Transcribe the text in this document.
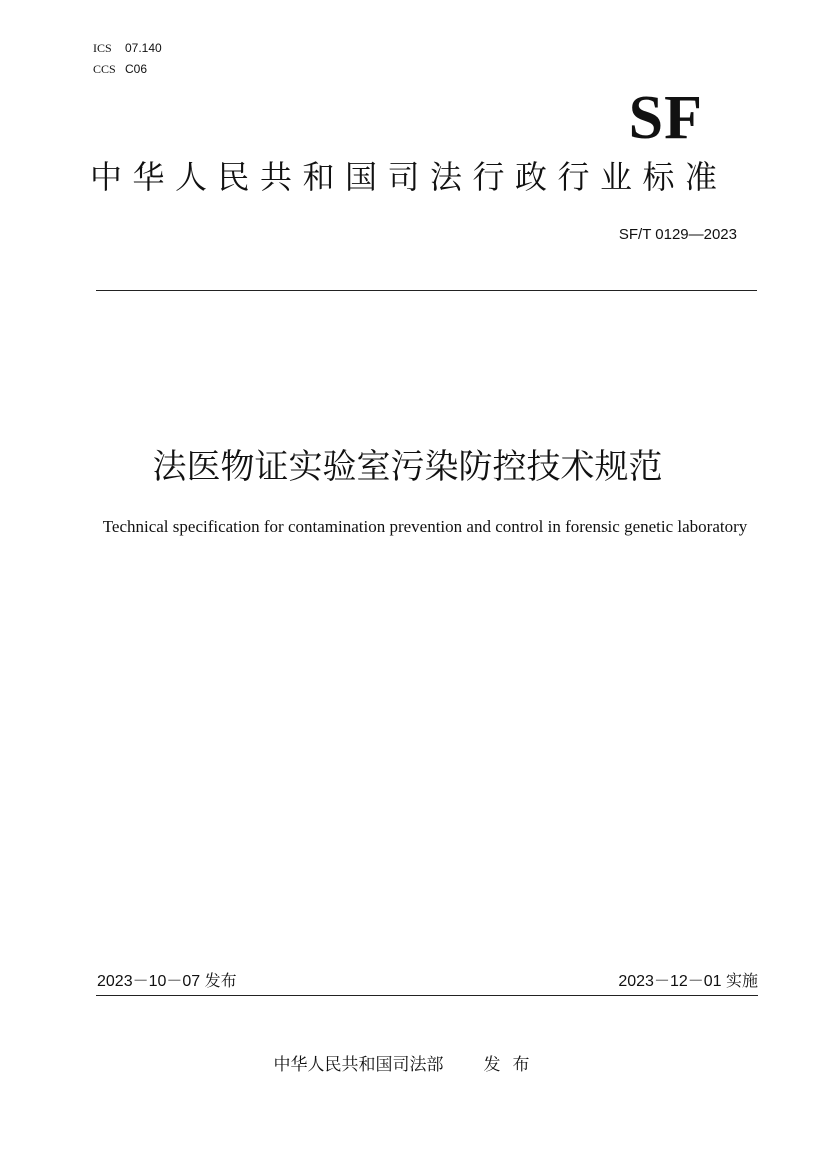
ICS 07.140
CCS C06
SF
中华人民共和国司法行政行业标准
SF/T 0129—2023
法医物证实验室污染防控技术规范
Technical specification for contamination prevention and control in forensic genetic laboratory
2023－10－07 发布	2023－12－01 实施
中华人民共和国司法部 发布
